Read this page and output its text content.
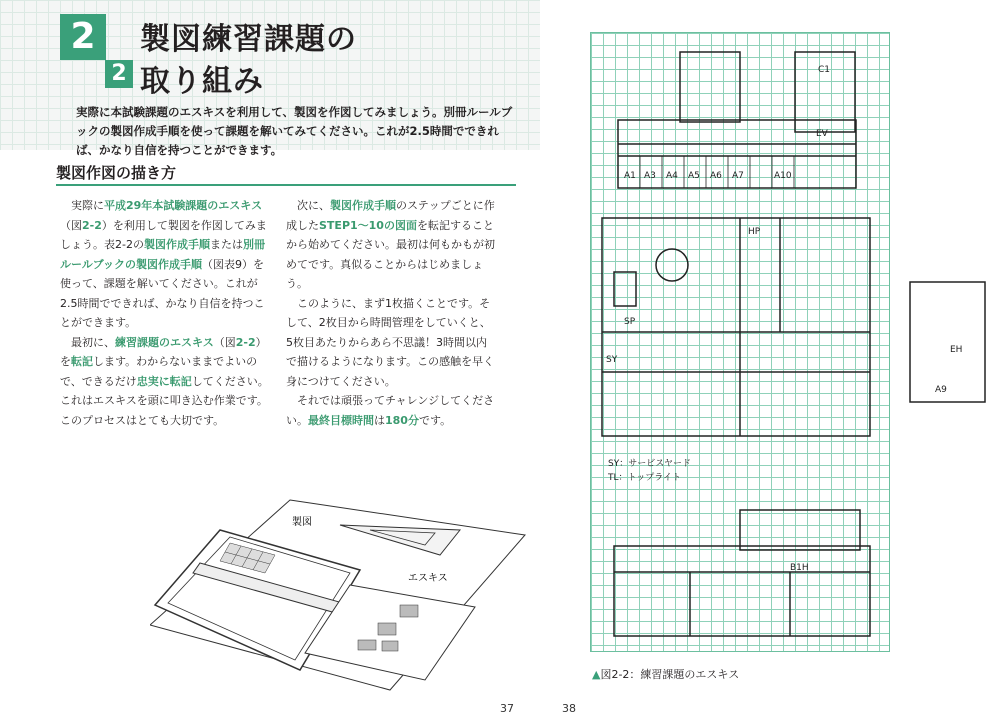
2
2
製図練習課題の
取り組み
実際に本試験課題のエスキスを利用して、製図を作図してみましょう。別冊ルールブックの製図作成手順を使って課題を解いてみてください。これが2.5時間でできれば、かなり自信を持つことができます。
製図作図の描き方

実際に平成29年本試験課題のエスキス（図2-2）を利用して製図を作図してみましょう。表2-2の製図作成手順または別冊ルールブックの製図作成手順（図表9）を使って、課題を解いてください。これが2.5時間でできれば、かなり自信を持つことができます。

最初に、練習課題のエスキス（図2-2）を転記します。わからないままでよいので、できるだけ忠実に転記してください。これはエスキスを頭に叩き込む作業です。このプロセスはとても大切です。

次に、製図作成手順のステップごとに作成したSTEP1～10の図面を転記することから始めてください。最初は何もかもが初めてです。真似ることからはじめましょう。

このように、まず1枚描くことです。そして、2枚目から時間管理をしていくと、5枚目あたりからあら不思議！3時間以内で描けるようになります。この感触を早く身につけてください。

それでは頑張ってチャレンジしてください。最終目標時間は180分です。

製図
エスキス
37	38
A1 A3 A4 A5 A6 A7	A10
EV
SP
SY
HP
C1
B1H
A9
EH
SY：サービスヤード
TL：トップライト
▲図2-2：練習課題のエスキス
